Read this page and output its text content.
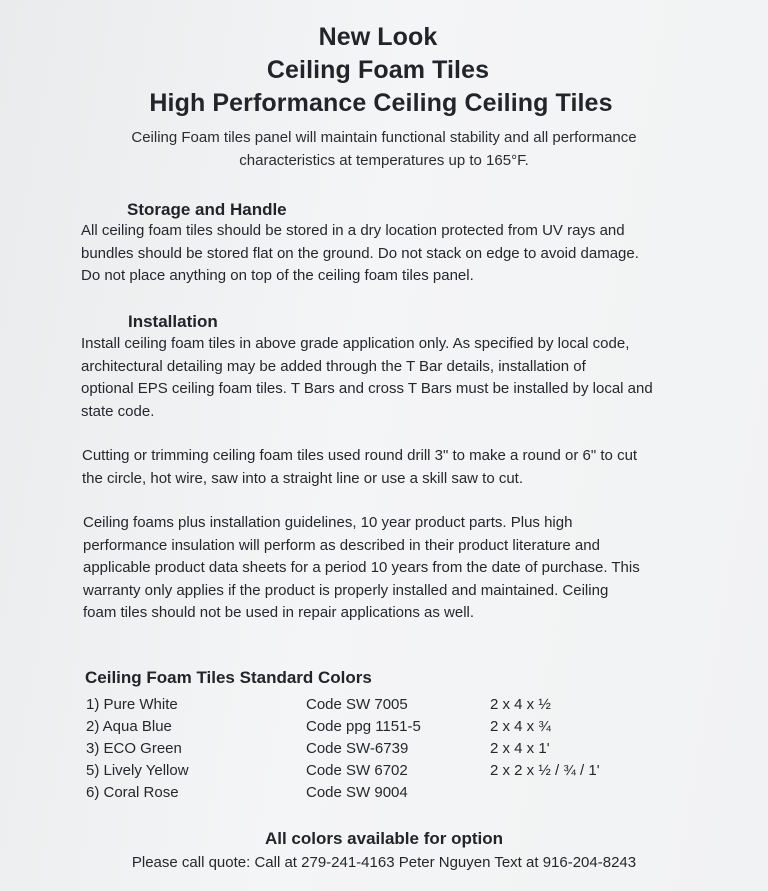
New Look
Ceiling Foam Tiles
High Performance Ceiling Ceiling Tiles
Ceiling Foam tiles panel will maintain functional stability and all performance
characteristics at temperatures up to 165°F.
Storage and Handle
All ceiling foam tiles should be stored in a dry location protected from UV rays and
bundles should be stored flat on the ground. Do not stack on edge to avoid damage.
Do not place anything on top of the ceiling foam tiles panel.
Installation
Install ceiling foam tiles in above grade application only. As specified by local code,
architectural detailing may be added through the T Bar details, installation of
optional EPS ceiling foam tiles. T Bars and cross T Bars must be installed by local and
state code.
Cutting or trimming ceiling foam tiles used round drill 3" to make a round or 6" to cut
the circle, hot wire, saw into a straight line or use a skill saw to cut.
Ceiling foams plus installation guidelines, 10 year product parts. Plus high
performance insulation will perform as described in their product literature and
applicable product data sheets for a period 10 years from the date of purchase. This
warranty only applies if the product is properly installed and maintained. Ceiling
foam tiles should not be used in repair applications as well.
Ceiling Foam Tiles Standard Colors
1) Pure White	Code SW 7005	2 x 4 x ½
2) Aqua Blue	Code ppg 1151-5	2 x 4 x ¾
3) ECO Green	Code SW-6739	2 x 4 x 1'
5) Lively Yellow	Code SW 6702	2 x 2 x ½ / ¾ / 1'
6) Coral Rose	Code SW 9004
All colors available for option
Please call quote: Call at 279-241-4163 Peter Nguyen Text at 916-204-8243
